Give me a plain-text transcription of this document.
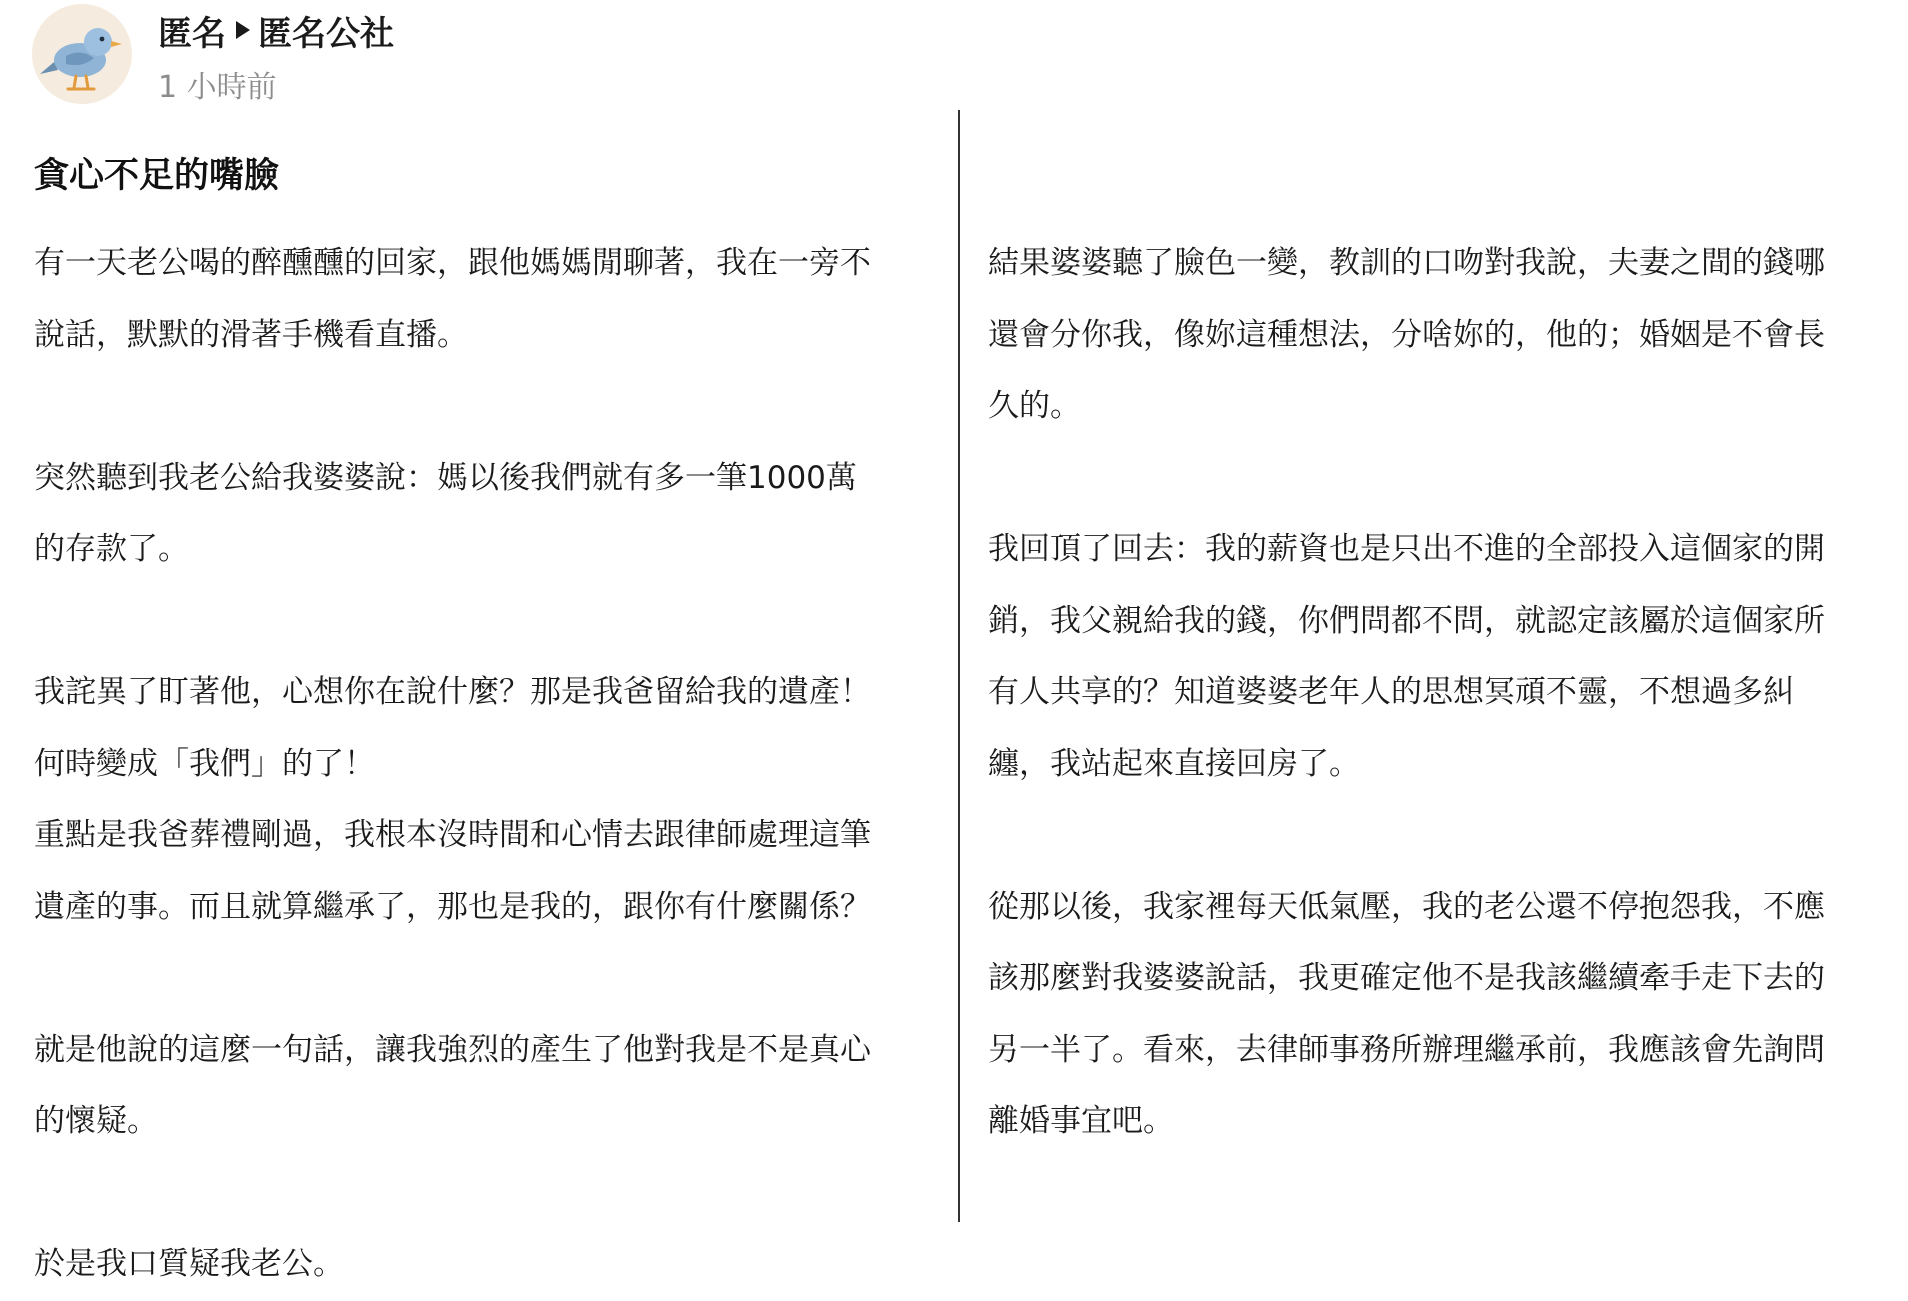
匿名 匿名公社
1 小時前
貪心不足的嘴臉
有一天老公喝的醉醺醺的回家，跟他媽媽閒聊著，我在一旁不
說話，默默的滑著手機看直播。
突然聽到我老公給我婆婆說：媽以後我們就有多一筆1000萬
的存款了。
我詫異了盯著他，心想你在說什麼？那是我爸留給我的遺產！
何時變成「我們」的了！
重點是我爸葬禮剛過，我根本沒時間和心情去跟律師處理這筆
遺產的事。而且就算繼承了，那也是我的，跟你有什麼關係？
就是他說的這麼一句話，讓我強烈的產生了他對我是不是真心
的懷疑。
於是我口質疑我老公。
結果婆婆聽了臉色一變，教訓的口吻對我說，夫妻之間的錢哪
還會分你我，像妳這種想法，分啥妳的，他的；婚姻是不會長
久的。
我回頂了回去：我的薪資也是只出不進的全部投入這個家的開
銷，我父親給我的錢，你們問都不問，就認定該屬於這個家所
有人共享的？知道婆婆老年人的思想冥頑不靈，不想過多糾
纏，我站起來直接回房了。
從那以後，我家裡每天低氣壓，我的老公還不停抱怨我，不應
該那麼對我婆婆說話，我更確定他不是我該繼續牽手走下去的
另一半了。看來，去律師事務所辦理繼承前，我應該會先詢問
離婚事宜吧。
